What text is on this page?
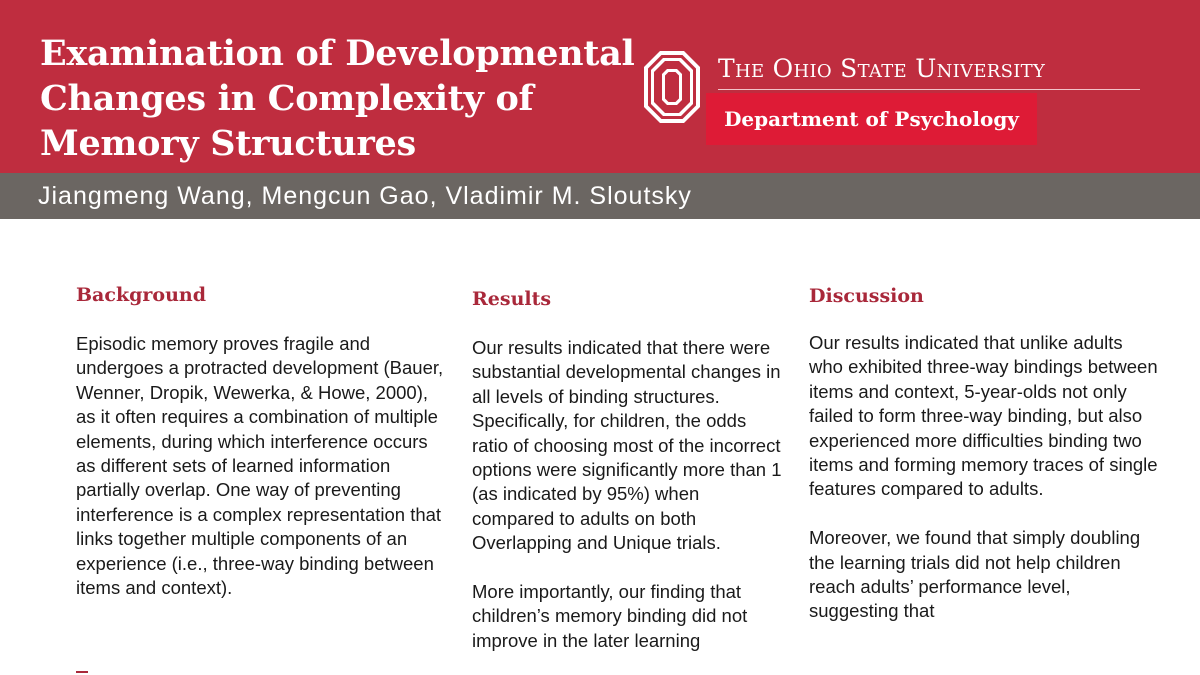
Examination of Developmental Changes in Complexity of Memory Structures
The Ohio State University
Department of Psychology

Jiangmeng Wang, Mengcun Gao, Vladimir M. Sloutsky

Background

Episodic memory proves fragile and undergoes a protracted development (Bauer, Wenner, Dropik, Wewerka, & Howe, 2000), as it often requires a combination of multiple elements, during which interference occurs as different sets of learned information partially overlap. One way of preventing interference is a complex representation that links together multiple components of an experience (i.e., three-way binding between items and context).

Results

Our results indicated that there were substantial developmental changes in all levels of binding structures. Specifically, for children, the odds ratio of choosing most of the incorrect options were significantly more than 1 (as indicated by 95%) when compared to adults on both Overlapping and Unique trials.

More importantly, our finding that children’s memory binding did not improve in the later learning

Discussion

Our results indicated that unlike adults who exhibited three-way bindings between items and context, 5-year-olds not only failed to form three-way binding, but also experienced more difficulties binding two items and forming memory traces of single features compared to adults.

Moreover, we found that simply doubling the learning trials did not help children reach adults’ performance level, suggesting that
